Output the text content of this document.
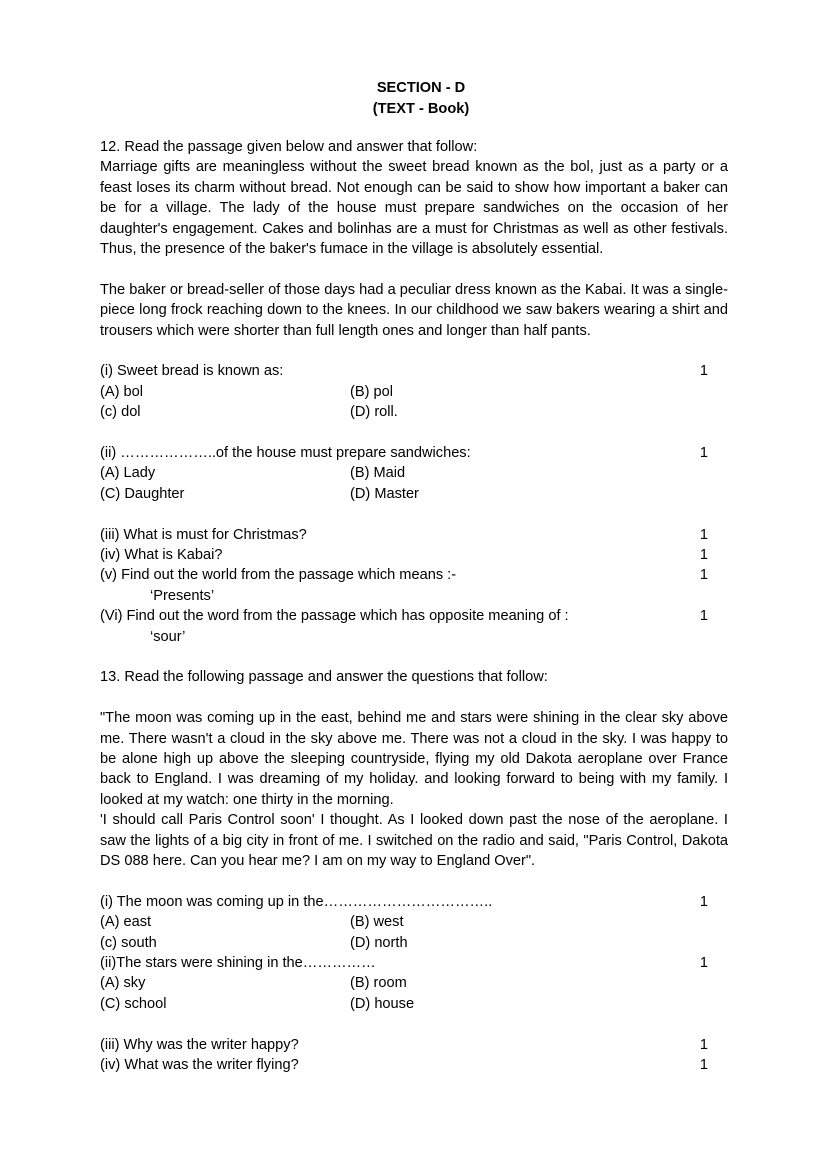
SECTION - D
(TEXT - Book)
12. Read the passage given below and answer that follow:
Marriage gifts are meaningless without the sweet bread known as the bol, just as a party or a feast loses its charm without bread. Not enough can be said to show how important a baker can be for a village. The lady of the house must prepare sandwiches on the occasion of her daughter's engagement. Cakes and bolinhas are a must for Christmas as well as other festivals. Thus, the presence of the baker's fumace in the village is absolutely essential.
The baker or bread-seller of those days had a peculiar dress known as the Kabai. It was a single-piece long frock reaching down to the knees. In our childhood we saw bakers wearing a shirt and trousers which were shorter than full length ones and longer than half pants.
(i) Sweet bread is known as:	1
(A) bol	(B) pol
(c) dol	(D) roll.
(ii) ………………..of the house must prepare sandwiches:	1
(A) Lady	(B) Maid
(C) Daughter	(D) Master
(iii) What is must for Christmas?	1
(iv) What is Kabai?	1
(v) Find out the world from the passage which means :-	1
‘Presents’
(Vi) Find out the word from the passage which has opposite meaning of :	1
‘sour’
13. Read the following passage and answer the questions that follow:
"The moon was coming up in the east, behind me and stars were shining in the clear sky above me. There wasn't a cloud in the sky above me. There was not a cloud in the sky. I was happy to be alone high up above the sleeping countryside, flying my old Dakota aeroplane over France back to England. I was dreaming of my holiday. and looking forward to being with my family. I looked at my watch: one thirty in the morning.
'I should call Paris Control soon' I thought. As I looked down past the nose of the aeroplane. I saw the lights of a big city in front of me. I switched on the radio and said, "Paris Control, Dakota DS 088 here. Can you hear me? I am on my way to England Over".
(i) The moon was coming up in the……………………………..	1
(A) east	(B) west
(c) south	(D) north
(ii)The stars were shining in the……………	1
(A) sky	(B) room
(C) school	(D) house
(iii) Why was the writer happy?	1
(iv) What was the writer flying?	1
